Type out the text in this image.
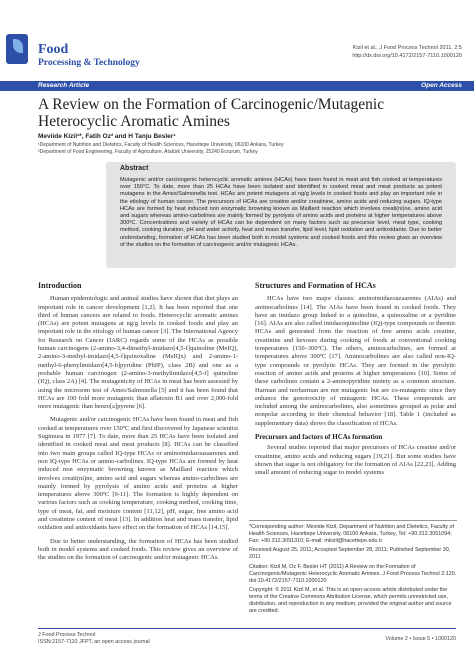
Food
Processing & Technology
Kizil et al., J Food Process Technol 2011, 2:5
http://dx.doi.org/10.4172/2157-7110.1000120
Research Article	Open Access
A Review on the Formation of Carcinogenic/Mutagenic Heterocyclic Aromatic Amines
Meviide Kizil¹*, Fatih Oz² and H Tanju Besler¹
¹Department of Nutrition and Dietetics, Faculty of Health Sciences, Hacettepe University, 06100 Ankara, Turkey
²Department of Food Engineering, Faculty of Agriculture, Atatürk University, 25240 Erzurum, Turkey
Abstract
Mutagenic and/or carcinogenic heterocyclic aromatic amines (HCAs) have been found in meat and fish cooked at temperatures over 150°C. To date, more than 25 HCAs have been isolated and identified in cooked meat and meat products as potent mutagens in the Ames/Salmonella test. HCAs are potent mutagens at ng/g levels in cooked foods and play an important role in the etiology of human cancer. The precursors of HCAs are creatine and/or creatinine, amino acids and reducing sugars. IQ-type HCAs are formed by heat induced non enzymatic browning known as Maillard reaction which involves creati(ni)ne, amino acid and sugars whereas amino-carbolines are mainly formed by pyrolysis of amino acids and proteins at higher temperatures above 300ºC. Concentrations and variety of HCAs can be dependent on many factors such as precursor level, meat type, cooking method, cooking duration, pH and water activity, heat and mass transfer, lipid level, lipid oxidation and antioxidants. Due to better understanding, formation of HCAs has been studied both in model systems and cooked foods and this review gives an overview of the studies on the formation of carcinogenic and/or mutagenic HCAs.
Introduction
Human epidemiologic and animal studies have shown that diet plays an important role in cancer development [1,2]. It has been reported that one third of human cancers are related to foods. Heterocyclic aromatic amines (HCAs) are potent mutagens at ng/g levels in cooked foods and play an important role in the etiology of human cancer [3]. The International Agency for Research on Cancer (IARC) regards some of the HCAs as possible human carcinogens (2-amino-3,4-dimethyl-imidazo[4,5-f]quinoline (MeIQ), 2-amino-3-methyl-imidazo[4,5-f]quinoxaline (MeIQx) and 2-amino-1-methyl-6-phenylimidazo[4,5-b]pyridine (PhIP), class 2B) and one as a probable human carcinogen (2-amino-3-methylimidazo[4,5-f] quinoline (IQ), class 2A) [4]. The mutagenicity of HCAs in meat has been assessed by using the microsom test of Ames/Salmonella [5] and it has been found that HCAs are 100 fold more mutagenic than aflatoxin B1 and over 2,000-fold more mutagenic than benzo[a]pyrene [6].
Mutagenic and/or carcinogenic HCAs have been found in meat and fish cooked at temperatures over 150ºC and first discovered by Japanese scientist Sugimura in 1977 [7]. To date, more than 25 HCAs have been isolated and identified in cooked meat and meat products [8]. HCAs can be classified into two main groups called IQ-type HCAs or aminoimidazoazaarenes and non IQ-type HCAs or amino-carbolines. IQ-type HCAs are formed by heat induced non enzymatic browning known as Maillard reaction which involves creati(ni)ne, amino acid and sugars whereas amino-carbolines are mainly formed by pyrolysis of amino acids and proteins at higher temperatures above 300ºC [9-11]. The formation is highly dependent on various factors such as cooking temperature, cooking method, cooking time, type of meat, fat, and moisture content [11,12], pH, sugar, free amino acid and creatinine content of meat [13]. In addition heat and mass transfer, lipid oxidation and antioxidants have effect on the formation of HCAs [14,15].
Due to better understanding, the formation of HCAs has been studied both in model systems and cooked foods. This review gives an overview of the studies on the formation of carcinogenic and/or mutagenic HCAs.
Structures and Formation of HCAs
HCAs have two major classes: aminoimidazoazaarenes (AIAs) and aminocarbolines [14]. The AIAs have been found in cooked foods. They have an imidazo group linked to a quinoline, a quinoxaline or a pyridine [16]. AIAs are also called imidazoquinoline (IQ)-type compounds or thermic HCAs and generated from the reaction of free amino acids creatine, creatinine and hexoses during cooking of foods at conventional cooking temperatures (150–300ºC). The others, aminocarbolines, are formed at temperatures above 300ºC [17]. Aminocarbolines are also called non-IQ-type compounds or pyrolytic HCAs. They are formed in the pyrolytic reaction of amino acids and proteins at higher temperatures [10]. Some of these carbolines contain a 2-aminopyridine moiety as a common structure. Harman and norharman are not mutagenic but are co-mutagenic since they enhance the genotoxicity of mutagenic HCAs. These compounds are included among the aminocarbolines, also sometimes grouped as polar and nonpolar according to their chemical behavior [18]. Table 1 (included as supplementary data) shows the classification of HCAs.
Precursors and factors of HCAs formation
Several studies reported that major precursors of HCAs creatine and/or creatinine, amino acids and reducing sugars [19,21]. But some studies have shown that sugar is not obligatory for the formation of AIAs [22,23]. Adding small amount of reducing sugar to model systems
*Corresponding author: Meviide Kizil, Department of Nutrition and Dietetics, Faculty of Health Sciences, Hacettepe University, 06100 Ankara, Turkey, Tel: +90.312.3051094; Fax: +90.312.3091310; E-mail: mkizil@hacettepe.edu.tr
Received August 25, 2011; Accepted September 28, 2011; Published September 30, 2011
Citation: Kizil M, Oz F, Besler HT (2011) A Review on the Formation of Carcinogenic/Mutagenic Heterocyclic Aromatic Amines. J Food Process Technol 2:120. doi:10.4172/2157-7110.1000120
Copyright: © 2011 Kizil M, et al. This is an open-access article distributed under the terms of the Creative Commons Attribution License, which permits unrestricted use, distribution, and reproduction in any medium, provided the original author and source are credited.
J Food Process Technol
ISSN:2157-7110 JFPT, an open access journal	Volume 2 • Issue 5 • 1000120
